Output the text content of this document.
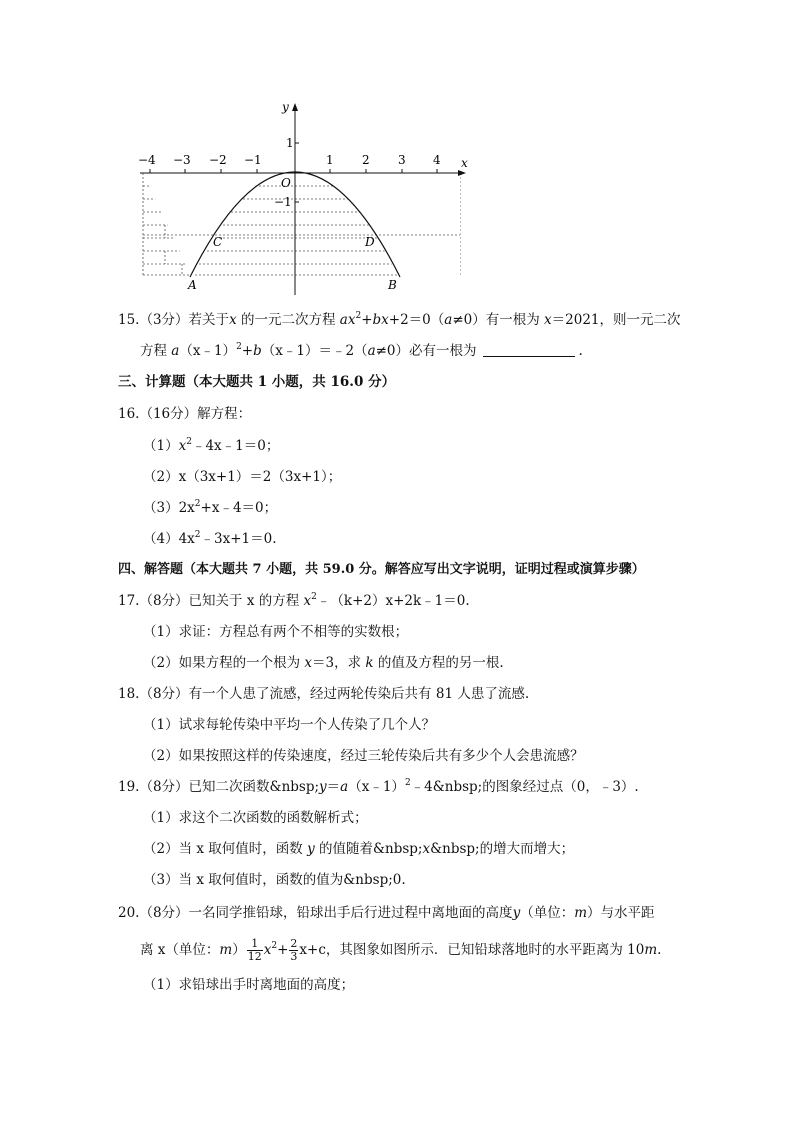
y
x
−4 −3 −2 −1	1 2 3 4
1
−1
O
A	B
C	D
15.（3分）若关于x 的一元二次方程 $ax^2+bx+2=0(a\ne 0)$有一根为 x＝2021，则一元二次
方程 a（x﹣1）$^2$+b（x﹣1）＝﹣2（a≠0）必有一根为	.
三、计算题（本大题共 1 小题，共 16.0 分）
16.（16分）解方程：
$(1)x^2﹣4x﹣1=0$；
（2）x（3x+1）＝2（3x+1）；
$(3)2x^2+x﹣4=0$；
$(4)4x^2﹣3x+1=0$.
四、解答题（本大题共 7 小题，共 59.0 分。解答应写出文字说明，证明过程或演算步骤）
17.（8分）已知关于 x 的方程 $x^2﹣(k+2)x+2k﹣1=0$.
（1）求证：方程总有两个不相等的实数根；
（2）如果方程的一个根为 x＝3，求 k 的值及方程的另一根.
18.（8分）有一个人患了流感，经过两轮传染后共有 81 人患了流感.
（1）试求每轮传染中平均一个人传染了几个人？
（2）如果按照这样的传染速度，经过三轮传染后共有多少个人会患流感？
19.（8分）已知二次函数&nbsp;y＝a（x﹣1）$^2$﹣4&nbsp;的图象经过点（0，﹣3）.
（1）求这个二次函数的函数解析式；
（2）当 x 取何值时，函数 y 的值随着&nbsp;x&nbsp;的增大而增大；
（3）当 x 取何值时，函数的值为&nbsp;0.
20.（8分）一名同学推铅球，铅球出手后行进过程中离地面的高度y（单位：m）与水平距
离 x（单位：$m) \frac{1}{12} x^2+ \frac{2}{3} x+c$，其图象如图所示．已知铅球落地时的水平距离为 10m.
（1）求铅球出手时离地面的高度；
